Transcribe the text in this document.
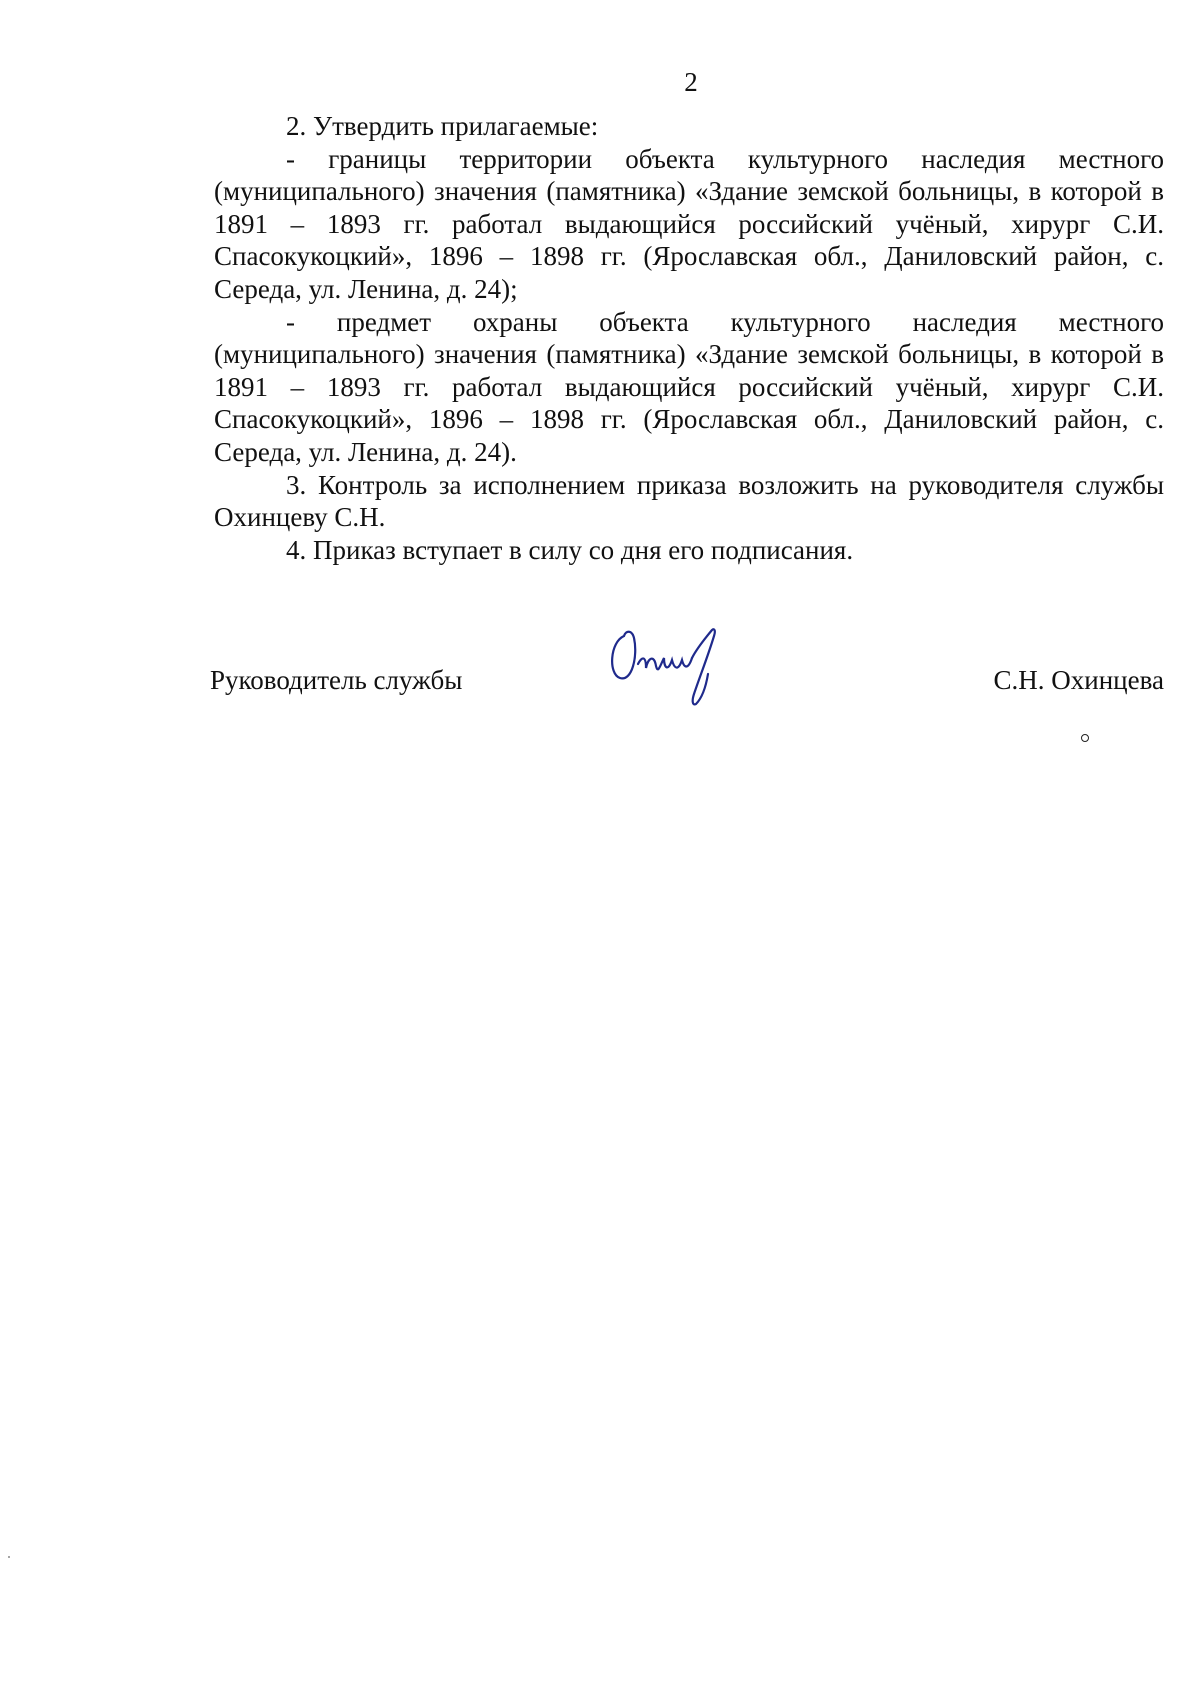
2

2. Утвердить прилагаемые:

- границы территории объекта культурного наследия местного (муниципального) значения (памятника) «Здание земской больницы, в которой в 1891 – 1893 гг. работал выдающийся российский учёный, хирург С.И. Спасокукоцкий», 1896 – 1898 гг. (Ярославская обл., Даниловский район, с. Середа, ул. Ленина, д. 24);

- предмет охраны объекта культурного наследия местного (муниципального) значения (памятника) «Здание земской больницы, в которой в 1891 – 1893 гг. работал выдающийся российский учёный, хирург С.И. Спасокукоцкий», 1896 – 1898 гг. (Ярославская обл., Даниловский район, с. Середа, ул. Ленина, д. 24).

3. Контроль за исполнением приказа возложить на руководителя службы Охинцеву С.Н.

4. Приказ вступает в силу со дня его подписания.

Руководитель службы	С.Н. Охинцева
